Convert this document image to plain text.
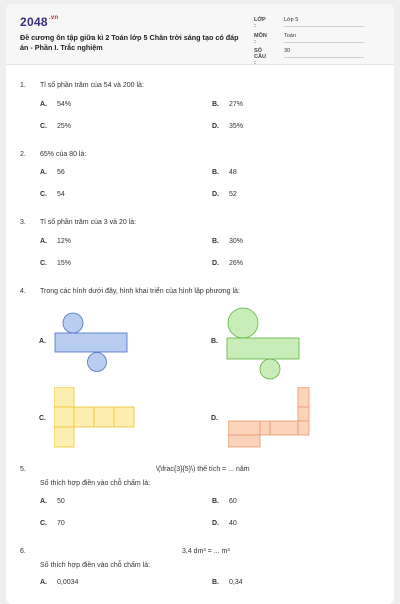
$2048^{.vn}$
Đề cương ôn tập giữa kì 2 Toán lớp 5 Chân trời sáng tạo có đáp án - Phần I. Trắc nghiệm
LỚP :
Lớp 5
MÔN :
Toán
SỐ CÂU :
30
1. Tỉ số phần trăm của 54 và 200 là:
A. 54%	B. 27%
C. 25%	D. 35%
2. 65% của 80 là:
A. 56	B. 48
C. 54	D. 52
3. Tỉ số phần trăm của 3 và 20 là:
A. 12%	B. 30%
C. 15%	D. 26%
4. Trong các hình dưới đây, hình khai triển của hình lập phương là:
A.	B.
C.	D.
5.	\(\frac{3}{5}\) thế tích = ... năm
Số thích hợp điền vào chỗ chấm là:
A. 50	B. 60
C. 70	D. 40
6.	3,4 dm³ = ... m³
Số thích hợp điền vào chỗ chấm là:
A. 0,0034	B. 0,34
